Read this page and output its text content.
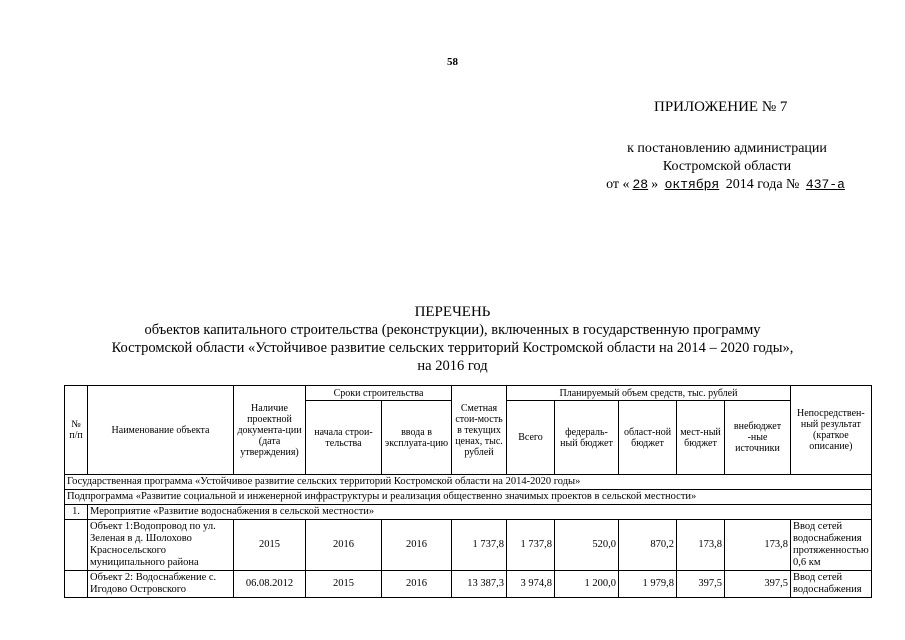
58
ПРИЛОЖЕНИЕ № 7
к постановлению администрации
Костромской области
от « 28 » октября 2014 года № 437-а
ПЕРЕЧЕНЬ
объектов капитального строительства (реконструкции), включенных в государственную программу
Костромской области «Устойчивое развитие сельских территорий Костромской области на 2014 – 2020 годы»,
на 2016 год
№ п/п	Наименование объекта	Наличие проектной документа-ции (дата утверждения)	Сроки строительства		Сметная стои-мость в текущих ценах, тыс. рублей	Планируемый объем средств, тыс. рублей					Непосредствен-ный результат (краткое описание)
			начала строи-тельства	ввода в эксплуата-цию		Всего	федераль-ный бюджет	област-ной бюджет	мест-ный бюджет	внебюджет -ные источники	
Государственная программа «Устойчивое развитие сельских территорий Костромской области на 2014-2020 годы»											
Подпрограмма «Развитие социальной и инженерной инфраструктуры и реализация общественно значимых проектов в сельской местности»											
1.	Мероприятие «Развитие водоснабжения в сельской местности»										
	Объект 1:Водопровод по ул. Зеленая в д. Шолохово Красносельского муниципального района	2015	2016	2016	1 737,8	1 737,8	520,0	870,2	173,8	173,8	Ввод сетей водоснабжения протяженностью 0,6 км
	Объект 2: Водоснабжение с. Игодово Островского	06.08.2012	2015	2016	13 387,3	3 974,8	1 200,0	1 979,8	397,5	397,5	Ввод сетей водоснабжения
